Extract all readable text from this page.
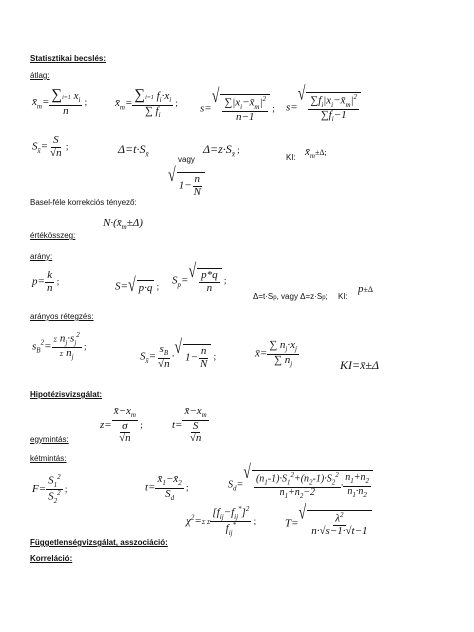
Statisztikai becslés:
átlag:
$x̄_m= \frac{\sum i=1 x_i}{n}$ ;	$x̄_m= \frac{\sum i=1 f_i\cdot x_i}{\sum f_i}$ ; s=
√ $\frac{\sum|x_i-x̄_m|^2}{n-1}$ ; s=
√ $\frac{\sum f_i|x_i-x̄_m|^2}{\sum f_i-1}$
$S_{x̄}= \frac{S}{√n}$ ;	$\Delta=t\cdot S_{x̄}$
vagy
$\Delta=z\cdot S_{x̄}$ ;
KI: $x̄_m\pm\Delta$;
√ $1- \frac{n}{N}$
Basel-féle korrekciós tényező:
$N\cdot(x̄_m\pm\Delta)$
értékösszeg:
arány:
$p= \frac{k}{n}$ ;	S= √ p·q ; $S_p=$ √ $\frac{p*q}{n}$ ;
Δ=t·Sp, vagy Δ=z·Sp; KI:
p±Δ
arányos rétegzés:
$s_B^2= \frac{\Sigma n_j\cdot s_j^2}{\Sigma n_j}$ ;
$S_{x̄}= \frac{s_B}{√n}$ · √ $1- \frac{n}{N}$ ;	x̄= $\frac{\sum n_j\cdot x_j}{\sum n_j}$	KI=x̄±Δ
Hipotézisvizsgálat:
$z= \frac{x̄-x_m}{\frac{\sigma}{√n}}$ ;	$t= \frac{x̄-x_m}{\frac{S}{√n}}$
egymintás:
kétmintás:
$F= \frac{S_1^2}{S_2^2}$ ;	$t= \frac{x̄_1-x̄_2}{S_d}$ ;	$S_d=$
√ $\frac{(n_1-1)\cdot S_1^2+(n_2-1)\cdot S_2^2}{n_1+n_2-2} \cdot \frac{n_1+n_2}{n_1\cdot n_2}$
$\chi^2=\Sigma$ Σ $\frac{[f_{ij}-f_{ij}^*]^2}{f_{ij}^*}$ ;	T= √ $\frac{\lambda^2}{n\cdot√s-1\cdot√t-1}$
Függetlenségvizsgálat, asszociáció:
Korreláció:
